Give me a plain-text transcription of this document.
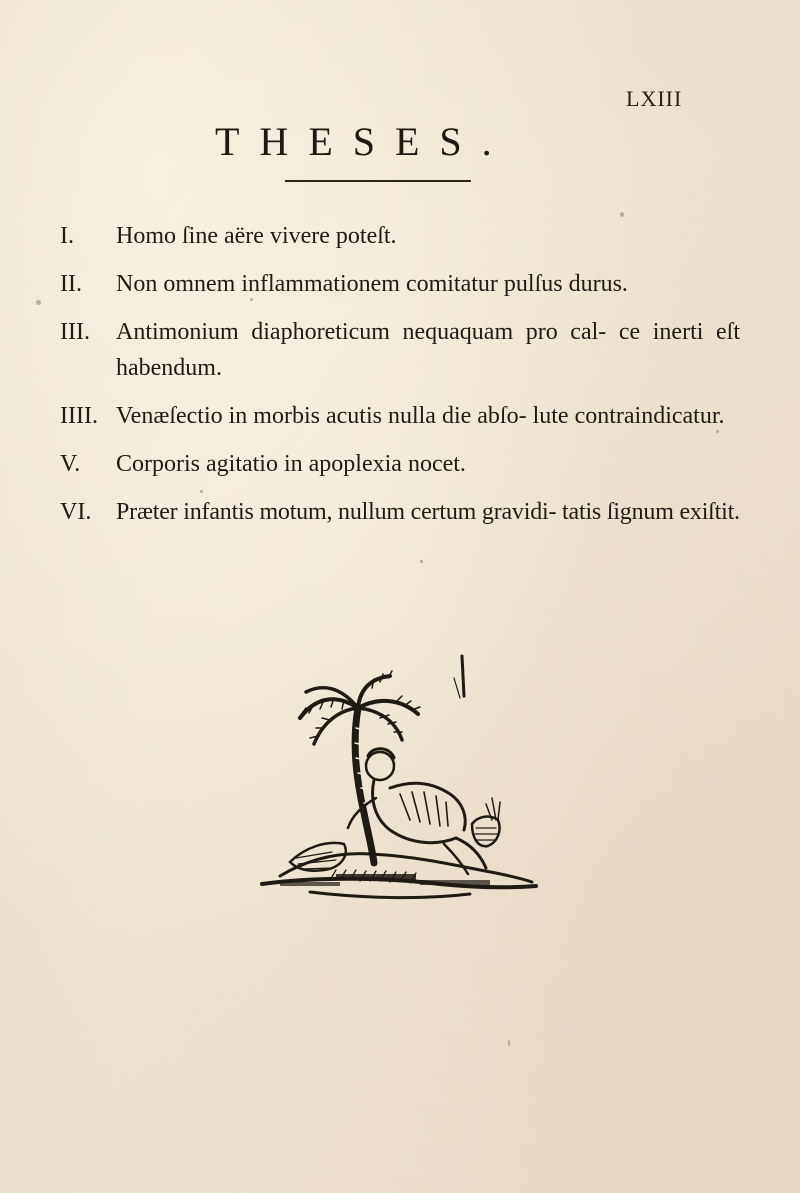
LXIII
THESES.
I.	Homo ſine aëre vivere poteſt.
II.	Non omnem inflammationem comitatur pulſus durus.
III.	Antimonium diaphoreticum nequaquam pro cal- ce inerti eſt habendum.
IIII. Venæſectio in morbis acutis nulla die abſo- lute contraindicatur.
V.	Corporis agitatio in apoplexia nocet.
VI.	Præter infantis motum, nullum certum gravidi- tatis ſignum exiſtit.
